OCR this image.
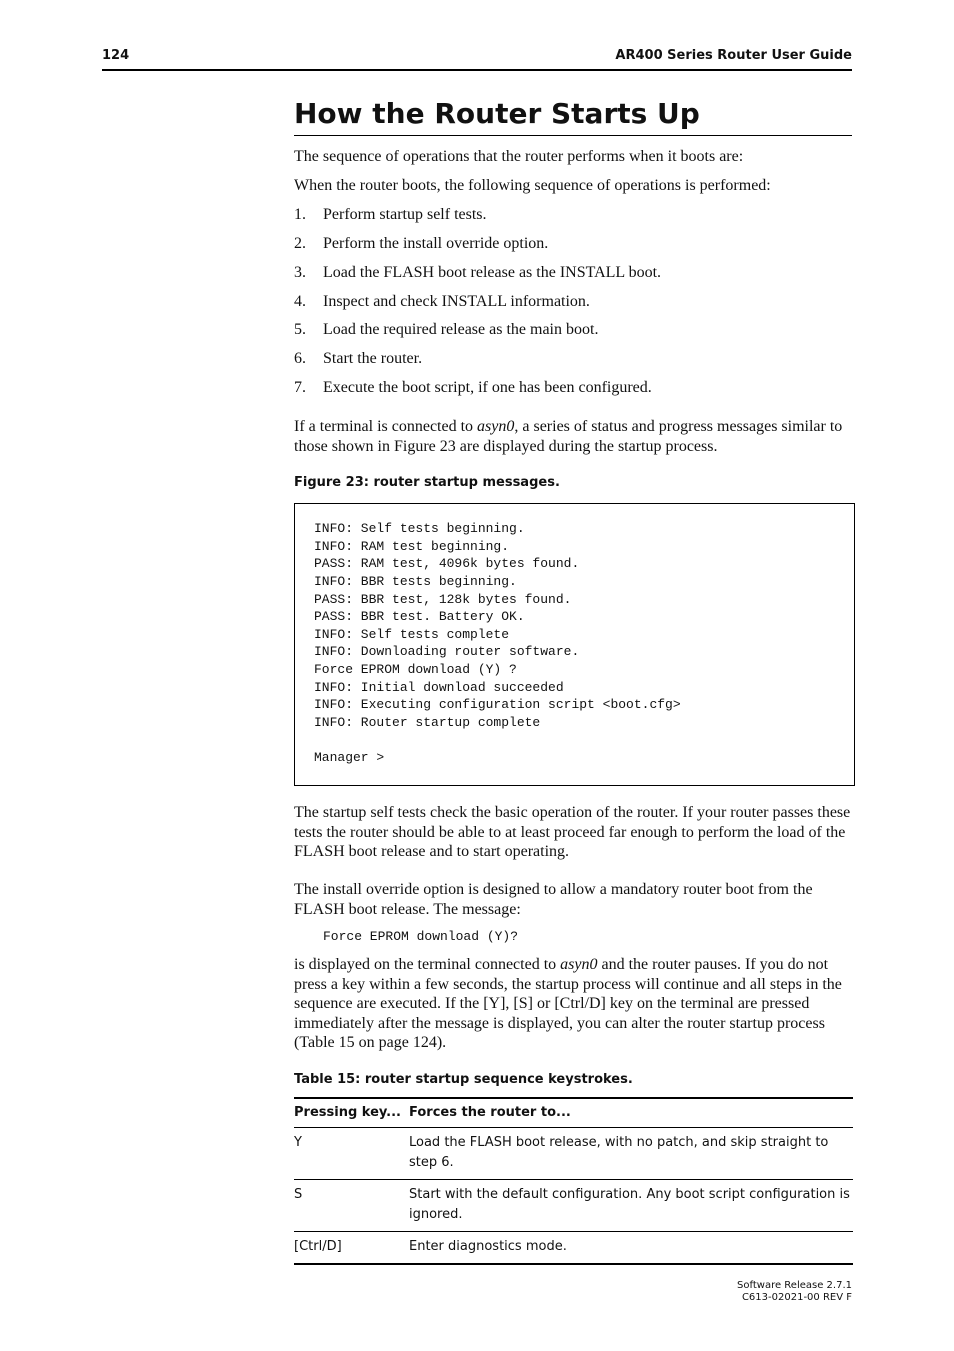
124	AR400 Series Router User Guide
How the Router Starts Up

The sequence of operations that the router performs when it boots are:

When the router boots, the following sequence of operations is performed:

1. Perform startup self tests.
2. Perform the install override option.
3. Load the FLASH boot release as the INSTALL boot.
4. Inspect and check INSTALL information.
5. Load the required release as the main boot.
6. Start the router.
7. Execute the boot script, if one has been configured.

If a terminal is connected to asyn0, a series of status and progress messages similar to those shown in Figure 23 are displayed during the startup process.

Figure 23: router startup messages.
INFO: Self tests beginning.
INFO: RAM test beginning.
PASS: RAM test, 4096k bytes found.
INFO: BBR tests beginning.
PASS: BBR test, 128k bytes found.
PASS: BBR test. Battery OK.
INFO: Self tests complete
INFO: Downloading router software.
Force EPROM download (Y) ?
INFO: Initial download succeeded
INFO: Executing configuration script <boot.cfg>
INFO: Router startup complete
Manager >

The startup self tests check the basic operation of the router. If your router passes these tests the router should be able to at least proceed far enough to perform the load of the FLASH boot release and to start operating.

The install override option is designed to allow a mandatory router boot from the FLASH boot release. The message:

Force EPROM download (Y)?

is displayed on the terminal connected to asyn0 and the router pauses. If you do not press a key within a few seconds, the startup process will continue and all steps in the sequence are executed. If the [Y], [S] or [Ctrl/D] key on the terminal are pressed immediately after the message is displayed, you can alter the router startup process (Table 15 on page 124).

Table 15: router startup sequence keystrokes.
Pressing key...	Forces the router to...
Y	Load the FLASH boot release, with no patch, and skip straight to step 6.
S	Start with the default configuration. Any boot script configuration is ignored.
[Ctrl/D]	Enter diagnostics mode.
Software Release 2.7.1
C613-02021-00 REV F
